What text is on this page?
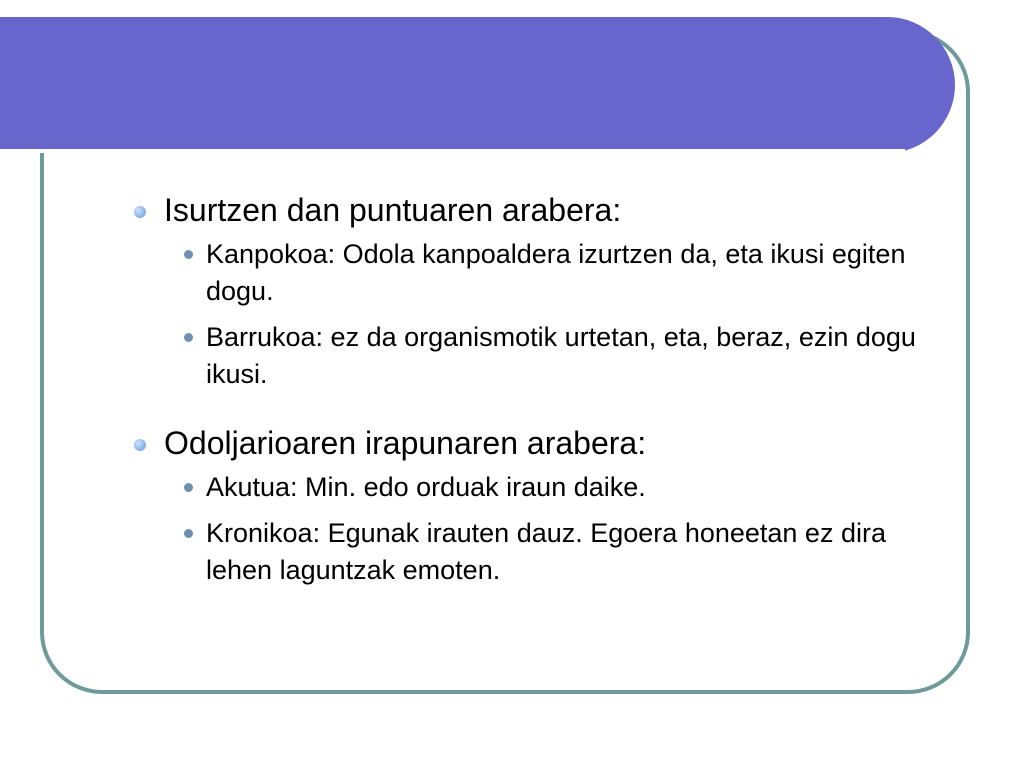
Isurtzen dan puntuaren arabera:
Kanpokoa: Odola kanpoaldera izurtzen da, eta ikusi egiten dogu.
Barrukoa: ez da organismotik urtetan, eta, beraz, ezin dogu ikusi.
Odoljarioaren irapunaren arabera:
Akutua: Min. edo orduak iraun daike.
Kronikoa: Egunak irauten dauz. Egoera honeetan ez dira lehen laguntzak emoten.
